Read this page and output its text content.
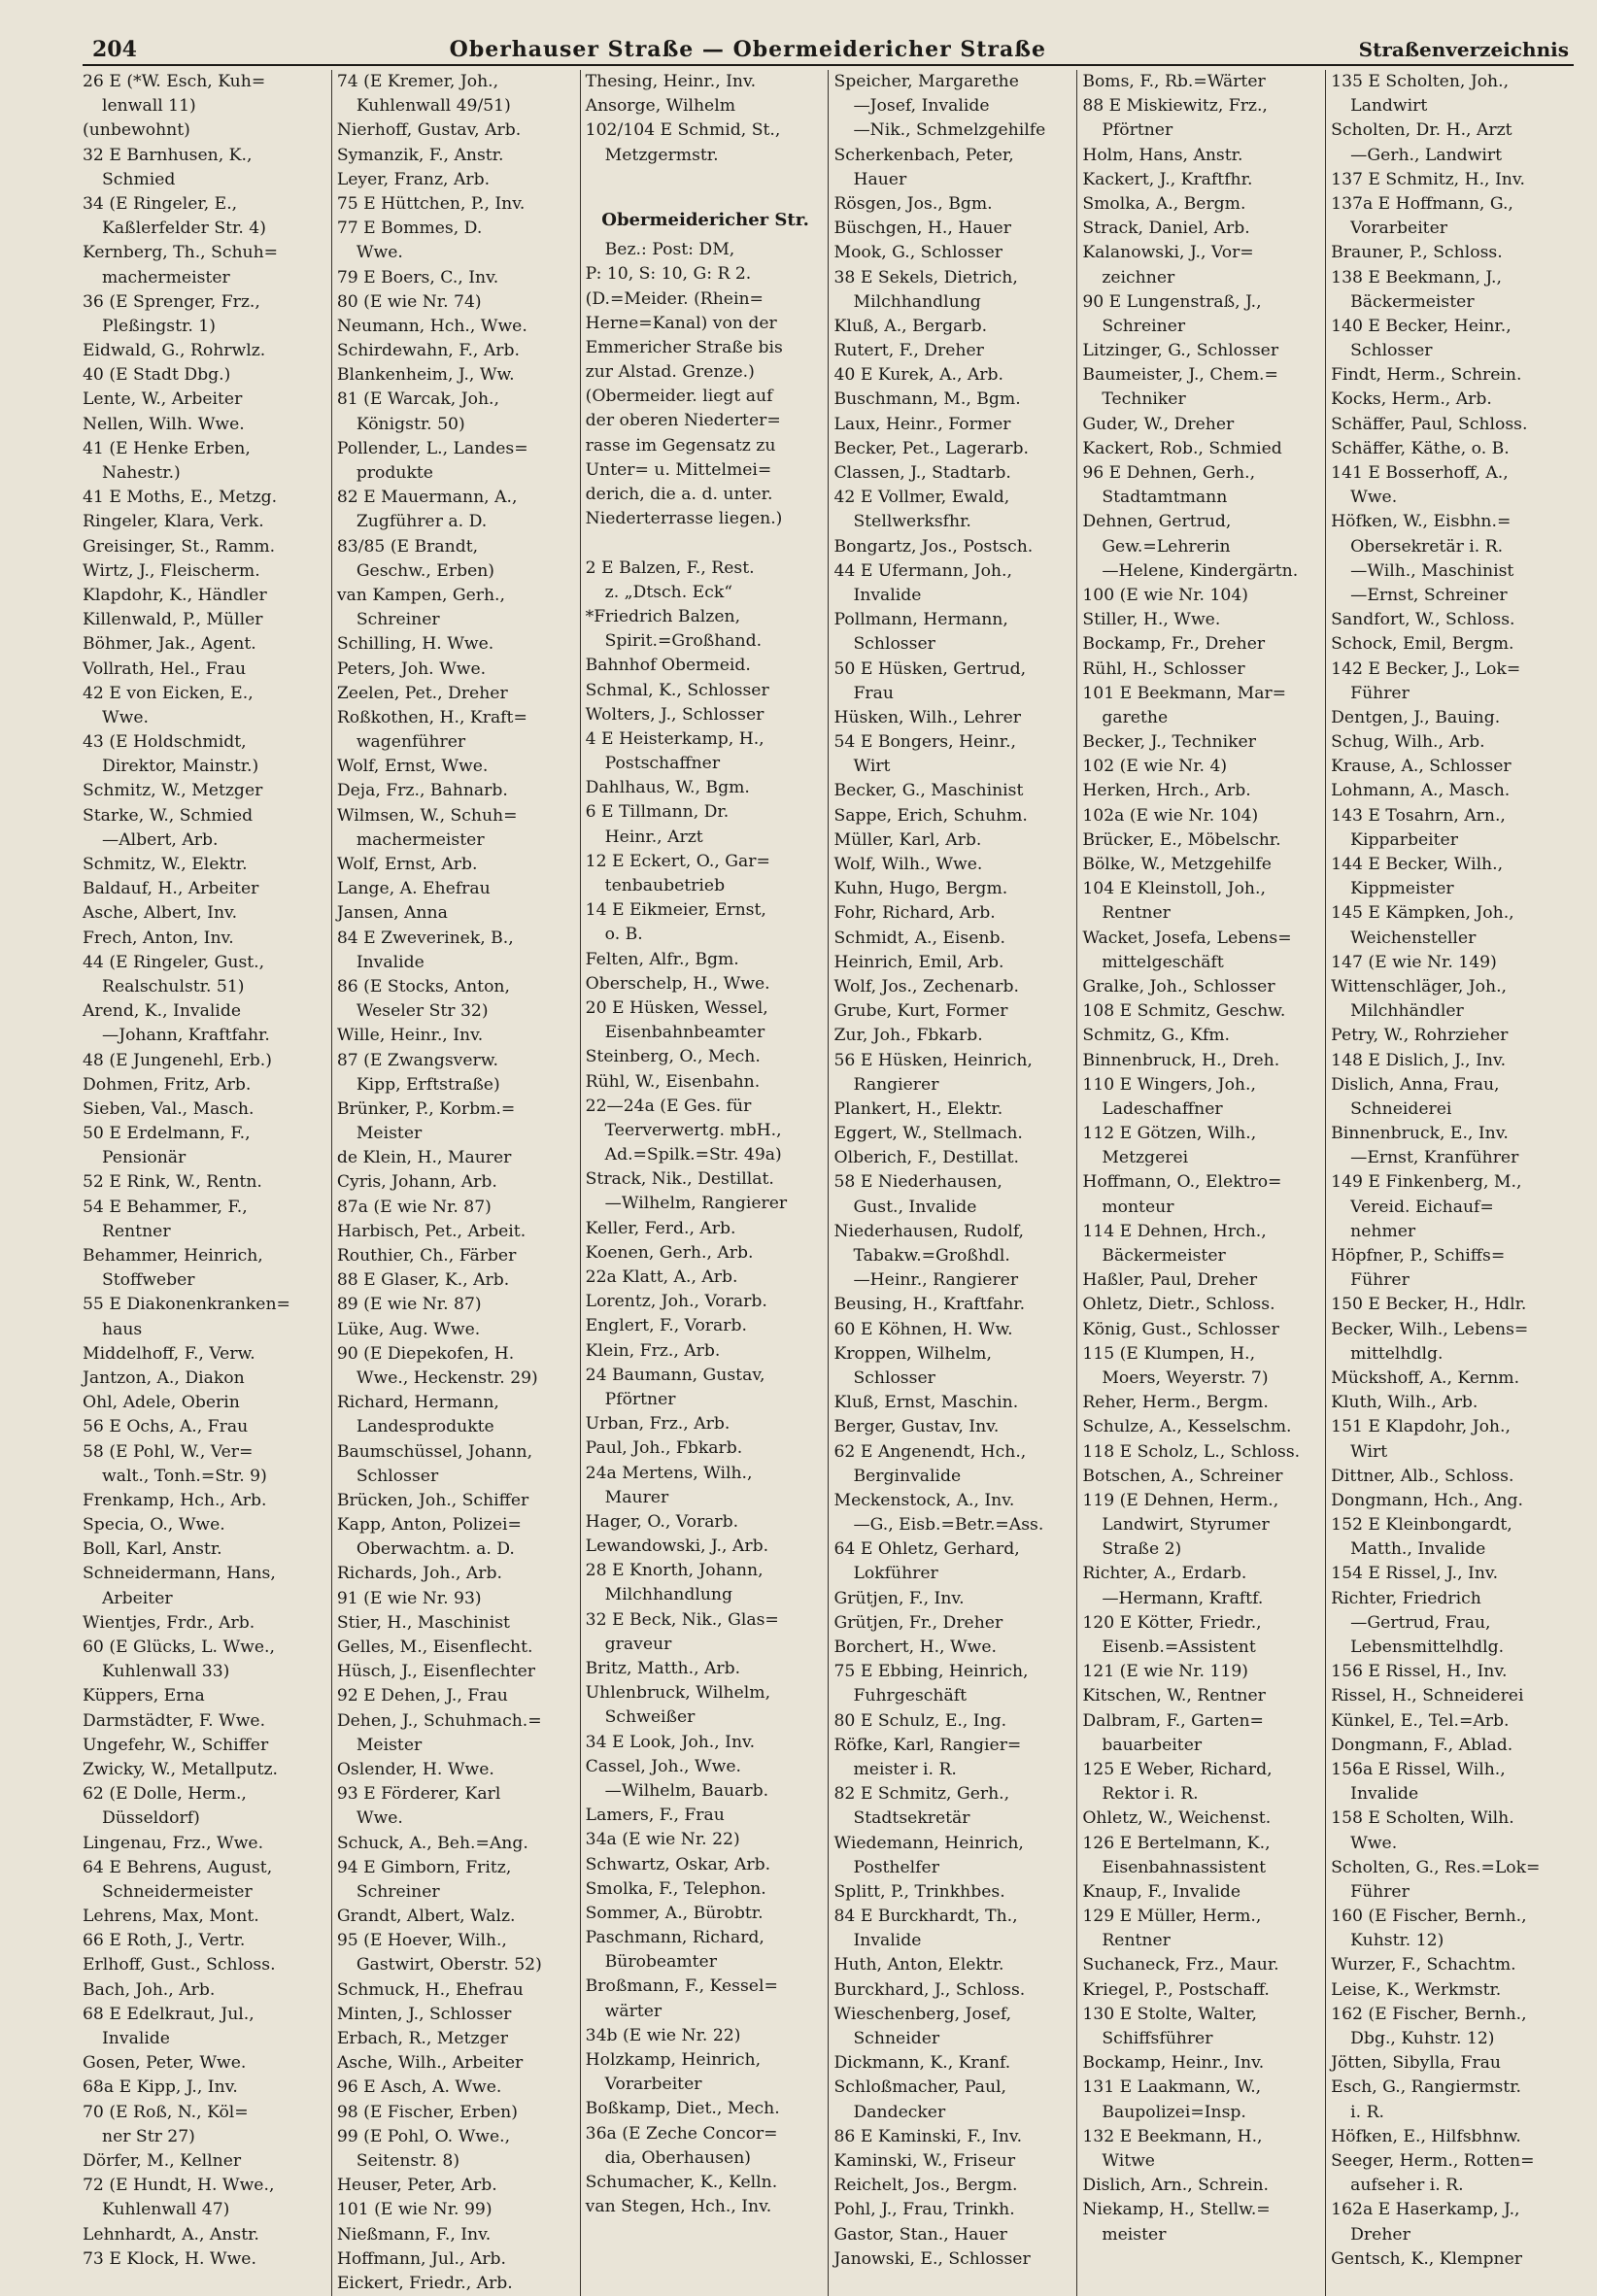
204	Oberhauser Straße — Obermeidericher Straße	Straßenverzeichnis
26 E (*W. Esch, Kuh=
lenwall 11)
(unbewohnt)
32 E Barnhusen, K.,
Schmied
34 (E Ringeler, E.,
Kaßlerfelder Str. 4)
Kernberg, Th., Schuh=
machermeister
36 (E Sprenger, Frz.,
Pleßingstr. 1)
Eidwald, G., Rohrwlz.
40 (E Stadt Dbg.)
Lente, W., Arbeiter
Nellen, Wilh. Wwe.
41 (E Henke Erben,
Nahestr.)
41 E Moths, E., Metzg.
Ringeler, Klara, Verk.
Greisinger, St., Ramm.
Wirtz, J., Fleischerm.
Klapdohr, K., Händler
Killenwald, P., Müller
Böhmer, Jak., Agent.
Vollrath, Hel., Frau
42 E von Eicken, E.,
Wwe.
43 (E Holdschmidt,
Direktor, Mainstr.)
Schmitz, W., Metzger
Starke, W., Schmied
—Albert, Arb.
Schmitz, W., Elektr.
Baldauf, H., Arbeiter
Asche, Albert, Inv.
Frech, Anton, Inv.
44 (E Ringeler, Gust.,
Realschulstr. 51)
Arend, K., Invalide
—Johann, Kraftfahr.
48 (E Jungenehl, Erb.)
Dohmen, Fritz, Arb.
Sieben, Val., Masch.
50 E Erdelmann, F.,
Pensionär
52 E Rink, W., Rentn.
54 E Behammer, F.,
Rentner
Behammer, Heinrich,
Stoffweber
55 E Diakonenkranken=
haus
Middelhoff, F., Verw.
Jantzon, A., Diakon
Ohl, Adele, Oberin
56 E Ochs, A., Frau
58 (E Pohl, W., Ver=
walt., Tonh.=Str. 9)
Frenkamp, Hch., Arb.
Specia, O., Wwe.
Boll, Karl, Anstr.
Schneidermann, Hans,
Arbeiter
Wientjes, Frdr., Arb.
60 (E Glücks, L. Wwe.,
Kuhlenwall 33)
Küppers, Erna
Darmstädter, F. Wwe.
Ungefehr, W., Schiffer
Zwicky, W., Metallputz.
62 (E Dolle, Herm.,
Düsseldorf)
Lingenau, Frz., Wwe.
64 E Behrens, August,
Schneidermeister
Lehrens, Max, Mont.
66 E Roth, J., Vertr.
Erlhoff, Gust., Schloss.
Bach, Joh., Arb.
68 E Edelkraut, Jul.,
Invalide
Gosen, Peter, Wwe.
68a E Kipp, J., Inv.
70 (E Roß, N., Köl=
ner Str 27)
Dörfer, M., Kellner
72 (E Hundt, H. Wwe.,
Kuhlenwall 47)
Lehnhardt, A., Anstr.
73 E Klock, H. Wwe.
74 (E Kremer, Joh.,
Kuhlenwall 49/51)
Nierhoff, Gustav, Arb.
Symanzik, F., Anstr.
Leyer, Franz, Arb.
75 E Hüttchen, P., Inv.
77 E Bommes, D.
Wwe.
79 E Boers, C., Inv.
80 (E wie Nr. 74)
Neumann, Hch., Wwe.
Schirdewahn, F., Arb.
Blankenheim, J., Ww.
81 (E Warcak, Joh.,
Königstr. 50)
Pollender, L., Landes=
produkte
82 E Mauermann, A.,
Zugführer a. D.
83/85 (E Brandt,
Geschw., Erben)
van Kampen, Gerh.,
Schreiner
Schilling, H. Wwe.
Peters, Joh. Wwe.
Zeelen, Pet., Dreher
Roßkothen, H., Kraft=
wagenführer
Wolf, Ernst, Wwe.
Deja, Frz., Bahnarb.
Wilmsen, W., Schuh=
machermeister
Wolf, Ernst, Arb.
Lange, A. Ehefrau
Jansen, Anna
84 E Zweverinek, B.,
Invalide
86 (E Stocks, Anton,
Weseler Str 32)
Wille, Heinr., Inv.
87 (E Zwangsverw.
Kipp, Erftstraße)
Brünker, P., Korbm.=
Meister
de Klein, H., Maurer
Cyris, Johann, Arb.
87a (E wie Nr. 87)
Harbisch, Pet., Arbeit.
Routhier, Ch., Färber
88 E Glaser, K., Arb.
89 (E wie Nr. 87)
Lüke, Aug. Wwe.
90 (E Diepekofen, H.
Wwe., Heckenstr. 29)
Richard, Hermann,
Landesprodukte
Baumschüssel, Johann,
Schlosser
Brücken, Joh., Schiffer
Kapp, Anton, Polizei=
Oberwachtm. a. D.
Richards, Joh., Arb.
91 (E wie Nr. 93)
Stier, H., Maschinist
Gelles, M., Eisenflecht.
Hüsch, J., Eisenflechter
92 E Dehen, J., Frau
Dehen, J., Schuhmach.=
Meister
Oslender, H. Wwe.
93 E Förderer, Karl
Wwe.
Schuck, A., Beh.=Ang.
94 E Gimborn, Fritz,
Schreiner
Grandt, Albert, Walz.
95 (E Hoever, Wilh.,
Gastwirt, Oberstr. 52)
Schmuck, H., Ehefrau
Minten, J., Schlosser
Erbach, R., Metzger
Asche, Wilh., Arbeiter
96 E Asch, A. Wwe.
98 (E Fischer, Erben)
99 (E Pohl, O. Wwe.,
Seitenstr. 8)
Heuser, Peter, Arb.
101 (E wie Nr. 99)
Nießmann, F., Inv.
Hoffmann, Jul., Arb.
Eickert, Friedr., Arb.
Thesing, Heinr., Inv.
Ansorge, Wilhelm
102/104 E Schmid, St.,
Metzgermstr.
Obermeidericher Str.
Bez.: Post: DM,
P: 10, S: 10, G: R 2.
(D.=Meider. (Rhein=
Herne=Kanal) von der
Emmericher Straße bis
zur Alstad. Grenze.)
(Obermeider. liegt auf
der oberen Niederter=
rasse im Gegensatz zu
Unter= u. Mittelmei=
derich, die a. d. unter.
Niederterrasse liegen.)
2 E Balzen, F., Rest.
z. „Dtsch. Eck“
*Friedrich Balzen,
Spirit.=Großhand.
Bahnhof Obermeid.
Schmal, K., Schlosser
Wolters, J., Schlosser
4 E Heisterkamp, H.,
Postschaffner
Dahlhaus, W., Bgm.
6 E Tillmann, Dr.
Heinr., Arzt
12 E Eckert, O., Gar=
tenbaubetrieb
14 E Eikmeier, Ernst,
o. B.
Felten, Alfr., Bgm.
Oberschelp, H., Wwe.
20 E Hüsken, Wessel,
Eisenbahnbeamter
Steinberg, O., Mech.
Rühl, W., Eisenbahn.
22—24a (E Ges. für
Teerverwertg. mbH.,
Ad.=Spilk.=Str. 49a)
Strack, Nik., Destillat.
—Wilhelm, Rangierer
Keller, Ferd., Arb.
Koenen, Gerh., Arb.
22a Klatt, A., Arb.
Lorentz, Joh., Vorarb.
Englert, F., Vorarb.
Klein, Frz., Arb.
24 Baumann, Gustav,
Pförtner
Urban, Frz., Arb.
Paul, Joh., Fbkarb.
24a Mertens, Wilh.,
Maurer
Hager, O., Vorarb.
Lewandowski, J., Arb.
28 E Knorth, Johann,
Milchhandlung
32 E Beck, Nik., Glas=
graveur
Britz, Matth., Arb.
Uhlenbruck, Wilhelm,
Schweißer
34 E Look, Joh., Inv.
Cassel, Joh., Wwe.
—Wilhelm, Bauarb.
Lamers, F., Frau
34a (E wie Nr. 22)
Schwartz, Oskar, Arb.
Smolka, F., Telephon.
Sommer, A., Bürobtr.
Paschmann, Richard,
Bürobeamter
Broßmann, F., Kessel=
wärter
34b (E wie Nr. 22)
Holzkamp, Heinrich,
Vorarbeiter
Boßkamp, Diet., Mech.
36a (E Zeche Concor=
dia, Oberhausen)
Schumacher, K., Kelln.
van Stegen, Hch., Inv.
Speicher, Margarethe
—Josef, Invalide
—Nik., Schmelzgehilfe
Scherkenbach, Peter,
Hauer
Rösgen, Jos., Bgm.
Büschgen, H., Hauer
Mook, G., Schlosser
38 E Sekels, Dietrich,
Milchhandlung
Kluß, A., Bergarb.
Rutert, F., Dreher
40 E Kurek, A., Arb.
Buschmann, M., Bgm.
Laux, Heinr., Former
Becker, Pet., Lagerarb.
Classen, J., Stadtarb.
42 E Vollmer, Ewald,
Stellwerksfhr.
Bongartz, Jos., Postsch.
44 E Ufermann, Joh.,
Invalide
Pollmann, Hermann,
Schlosser
50 E Hüsken, Gertrud,
Frau
Hüsken, Wilh., Lehrer
54 E Bongers, Heinr.,
Wirt
Becker, G., Maschinist
Sappe, Erich, Schuhm.
Müller, Karl, Arb.
Wolf, Wilh., Wwe.
Kuhn, Hugo, Bergm.
Fohr, Richard, Arb.
Schmidt, A., Eisenb.
Heinrich, Emil, Arb.
Wolf, Jos., Zechenarb.
Grube, Kurt, Former
Zur, Joh., Fbkarb.
56 E Hüsken, Heinrich,
Rangierer
Plankert, H., Elektr.
Eggert, W., Stellmach.
Olberich, F., Destillat.
58 E Niederhausen,
Gust., Invalide
Niederhausen, Rudolf,
Tabakw.=Großhdl.
—Heinr., Rangierer
Beusing, H., Kraftfahr.
60 E Köhnen, H. Ww.
Kroppen, Wilhelm,
Schlosser
Kluß, Ernst, Maschin.
Berger, Gustav, Inv.
62 E Angenendt, Hch.,
Berginvalide
Meckenstock, A., Inv.
—G., Eisb.=Betr.=Ass.
64 E Ohletz, Gerhard,
Lokführer
Grütjen, F., Inv.
Grütjen, Fr., Dreher
Borchert, H., Wwe.
75 E Ebbing, Heinrich,
Fuhrgeschäft
80 E Schulz, E., Ing.
Röfke, Karl, Rangier=
meister i. R.
82 E Schmitz, Gerh.,
Stadtsekretär
Wiedemann, Heinrich,
Posthelfer
Splitt, P., Trinkhbes.
84 E Burckhardt, Th.,
Invalide
Huth, Anton, Elektr.
Burckhard, J., Schloss.
Wieschenberg, Josef,
Schneider
Dickmann, K., Kranf.
Schloßmacher, Paul,
Dandecker
86 E Kaminski, F., Inv.
Kaminski, W., Friseur
Reichelt, Jos., Bergm.
Pohl, J., Frau, Trinkh.
Gastor, Stan., Hauer
Janowski, E., Schlosser
Boms, F., Rb.=Wärter
88 E Miskiewitz, Frz.,
Pförtner
Holm, Hans, Anstr.
Kackert, J., Kraftfhr.
Smolka, A., Bergm.
Strack, Daniel, Arb.
Kalanowski, J., Vor=
zeichner
90 E Lungenstraß, J.,
Schreiner
Litzinger, G., Schlosser
Baumeister, J., Chem.=
Techniker
Guder, W., Dreher
Kackert, Rob., Schmied
96 E Dehnen, Gerh.,
Stadtamtmann
Dehnen, Gertrud,
Gew.=Lehrerin
—Helene, Kindergärtn.
100 (E wie Nr. 104)
Stiller, H., Wwe.
Bockamp, Fr., Dreher
Rühl, H., Schlosser
101 E Beekmann, Mar=
garethe
Becker, J., Techniker
102 (E wie Nr. 4)
Herken, Hrch., Arb.
102a (E wie Nr. 104)
Brücker, E., Möbelschr.
Bölke, W., Metzgehilfe
104 E Kleinstoll, Joh.,
Rentner
Wacket, Josefa, Lebens=
mittelgeschäft
Gralke, Joh., Schlosser
108 E Schmitz, Geschw.
Schmitz, G., Kfm.
Binnenbruck, H., Dreh.
110 E Wingers, Joh.,
Ladeschaffner
112 E Götzen, Wilh.,
Metzgerei
Hoffmann, O., Elektro=
monteur
114 E Dehnen, Hrch.,
Bäckermeister
Haßler, Paul, Dreher
Ohletz, Dietr., Schloss.
König, Gust., Schlosser
115 (E Klumpen, H.,
Moers, Weyerstr. 7)
Reher, Herm., Bergm.
Schulze, A., Kesselschm.
118 E Scholz, L., Schloss.
Botschen, A., Schreiner
119 (E Dehnen, Herm.,
Landwirt, Styrumer
Straße 2)
Richter, A., Erdarb.
—Hermann, Kraftf.
120 E Kötter, Friedr.,
Eisenb.=Assistent
121 (E wie Nr. 119)
Kitschen, W., Rentner
Dalbram, F., Garten=
bauarbeiter
125 E Weber, Richard,
Rektor i. R.
Ohletz, W., Weichenst.
126 E Bertelmann, K.,
Eisenbahnassistent
Knaup, F., Invalide
129 E Müller, Herm.,
Rentner
Suchaneck, Frz., Maur.
Kriegel, P., Postschaff.
130 E Stolte, Walter,
Schiffsführer
Bockamp, Heinr., Inv.
131 E Laakmann, W.,
Baupolizei=Insp.
132 E Beekmann, H.,
Witwe
Dislich, Arn., Schrein.
Niekamp, H., Stellw.=
meister
135 E Scholten, Joh.,
Landwirt
Scholten, Dr. H., Arzt
—Gerh., Landwirt
137 E Schmitz, H., Inv.
137a E Hoffmann, G.,
Vorarbeiter
Brauner, P., Schloss.
138 E Beekmann, J.,
Bäckermeister
140 E Becker, Heinr.,
Schlosser
Findt, Herm., Schrein.
Kocks, Herm., Arb.
Schäffer, Paul, Schloss.
Schäffer, Käthe, o. B.
141 E Bosserhoff, A.,
Wwe.
Höfken, W., Eisbhn.=
Obersekretär i. R.
—Wilh., Maschinist
—Ernst, Schreiner
Sandfort, W., Schloss.
Schock, Emil, Bergm.
142 E Becker, J., Lok=
Führer
Dentgen, J., Bauing.
Schug, Wilh., Arb.
Krause, A., Schlosser
Lohmann, A., Masch.
143 E Tosahrn, Arn.,
Kipparbeiter
144 E Becker, Wilh.,
Kippmeister
145 E Kämpken, Joh.,
Weichensteller
147 (E wie Nr. 149)
Wittenschläger, Joh.,
Milchhändler
Petry, W., Rohrzieher
148 E Dislich, J., Inv.
Dislich, Anna, Frau,
Schneiderei
Binnenbruck, E., Inv.
—Ernst, Kranführer
149 E Finkenberg, M.,
Vereid. Eichauf=
nehmer
Höpfner, P., Schiffs=
Führer
150 E Becker, H., Hdlr.
Becker, Wilh., Lebens=
mittelhdlg.
Mückshoff, A., Kernm.
Kluth, Wilh., Arb.
151 E Klapdohr, Joh.,
Wirt
Dittner, Alb., Schloss.
Dongmann, Hch., Ang.
152 E Kleinbongardt,
Matth., Invalide
154 E Rissel, J., Inv.
Richter, Friedrich
—Gertrud, Frau,
Lebensmittelhdlg.
156 E Rissel, H., Inv.
Rissel, H., Schneiderei
Künkel, E., Tel.=Arb.
Dongmann, F., Ablad.
156a E Rissel, Wilh.,
Invalide
158 E Scholten, Wilh.
Wwe.
Scholten, G., Res.=Lok=
Führer
160 (E Fischer, Bernh.,
Kuhstr. 12)
Wurzer, F., Schachtm.
Leise, K., Werkmstr.
162 (E Fischer, Bernh.,
Dbg., Kuhstr. 12)
Jötten, Sibylla, Frau
Esch, G., Rangiermstr.
i. R.
Höfken, E., Hilfsbhnw.
Seeger, Herm., Rotten=
aufseher i. R.
162a E Haserkamp, J.,
Dreher
Gentsch, K., Klempner
